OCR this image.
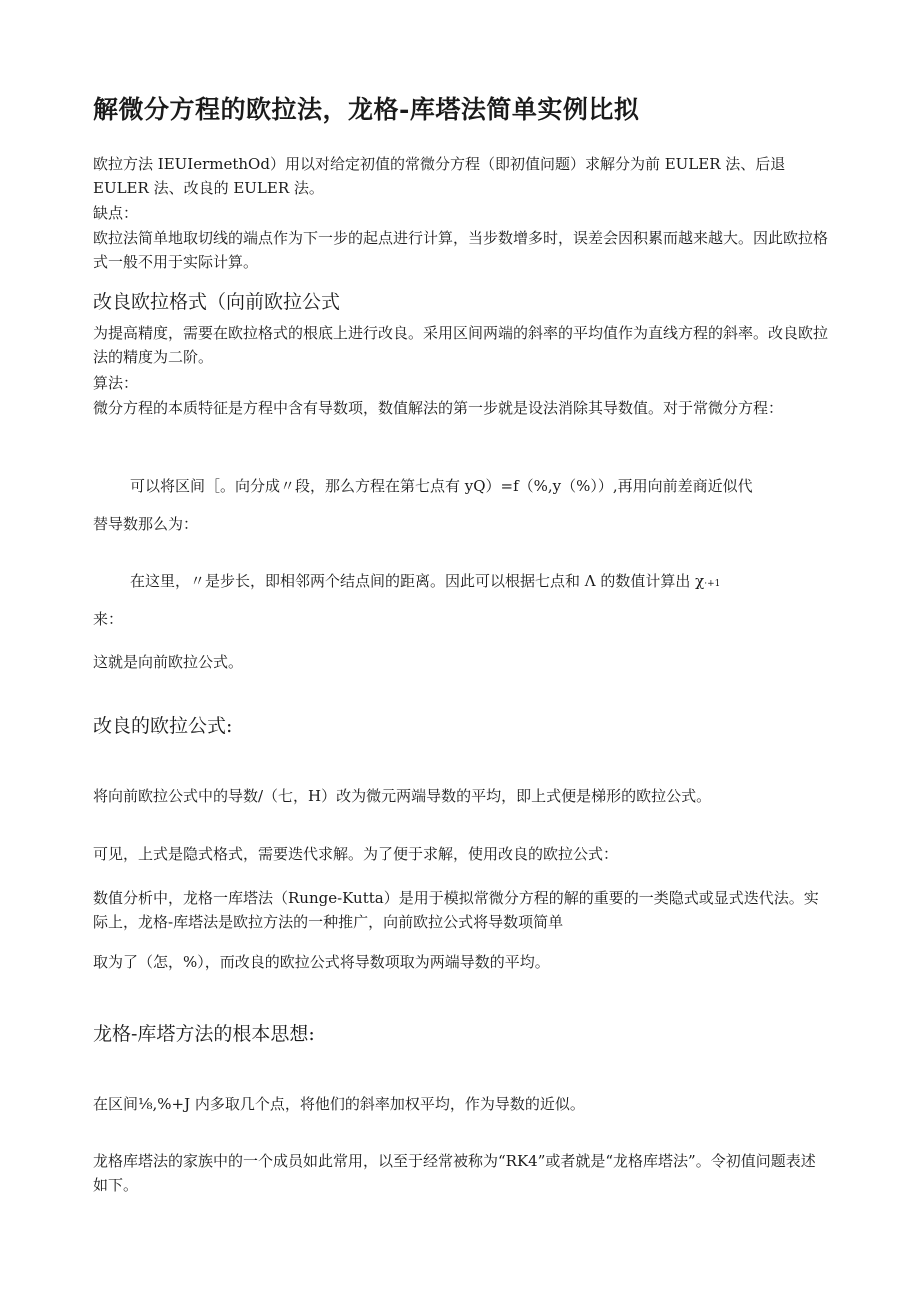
解微分方程的欧拉法，龙格-库塔法简单实例比拟

欧拉方法 IEUIermethOd）用以对给定初值的常微分方程（即初值问题）求解分为前 EULER 法、后退 EULER 法、改良的 EULER 法。

缺点：

欧拉法简单地取切线的端点作为下一步的起点进行计算，当步数增多时，误差会因积累而越来越大。因此欧拉格式一般不用于实际计算。

改良欧拉格式（向前欧拉公式

为提高精度，需要在欧拉格式的根底上进行改良。采用区间两端的斜率的平均值作为直线方程的斜率。改良欧拉法的精度为二阶。

算法：

微分方程的本质特征是方程中含有导数项，数值解法的第一步就是设法消除其导数值。对于常微分方程：

可以将区间［。向分成〃段，那么方程在第七点有 yQ）=f（%,y（%））,再用向前差商近似代

替导数那么为：

在这里，〃是步长，即相邻两个结点间的距离。因此可以根据七点和 Λ 的数值计算出 χ·+1

来：

这就是向前欧拉公式。

改良的欧拉公式:

将向前欧拉公式中的导数/（七，H）改为微元两端导数的平均，即上式便是梯形的欧拉公式。

可见，上式是隐式格式，需要迭代求解。为了便于求解，使用改良的欧拉公式：

数值分析中，龙格一库塔法（Runge-Kutta）是用于模拟常微分方程的解的重要的一类隐式或显式迭代法。实际上，龙格-库塔法是欧拉方法的一种推广，向前欧拉公式将导数项简单

取为了（怎，%），而改良的欧拉公式将导数项取为两端导数的平均。

龙格-库塔方法的根本思想:

在区间⅛,%+J 内多取几个点，将他们的斜率加权平均，作为导数的近似。

龙格库塔法的家族中的一个成员如此常用，以至于经常被称为“RK4”或者就是“龙格库塔法”。令初值问题表述如下。
